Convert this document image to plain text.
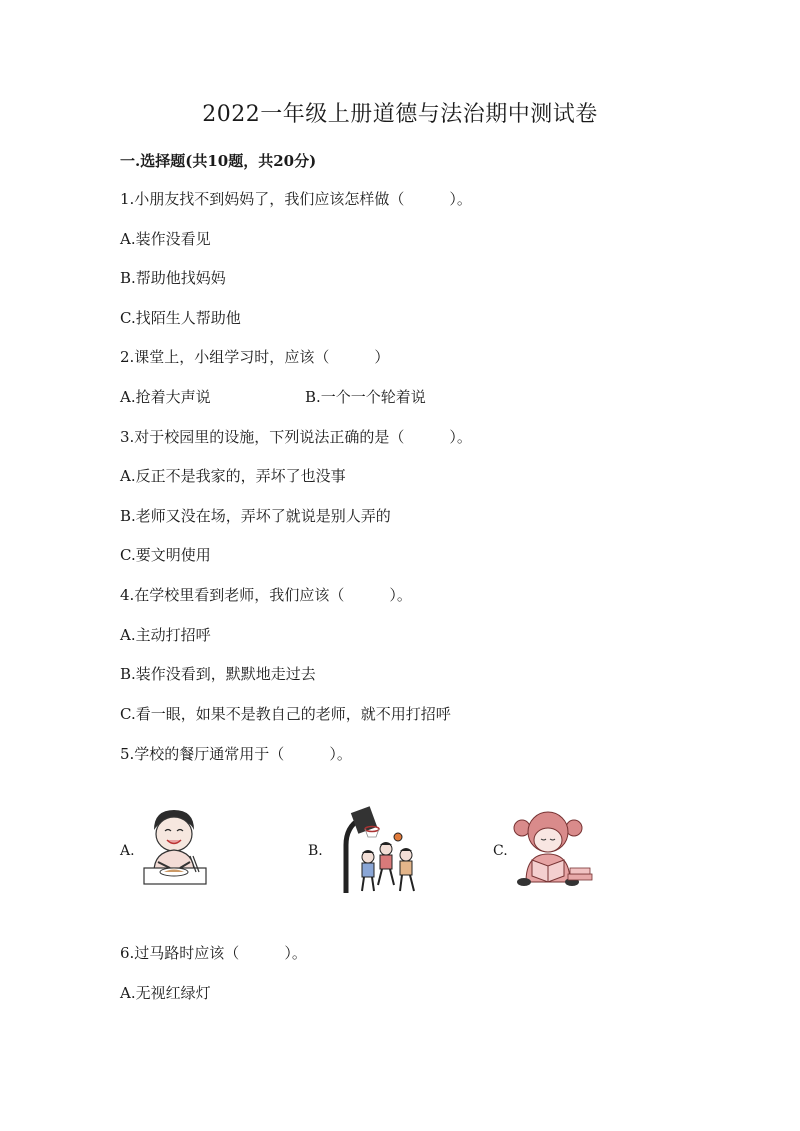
2022一年级上册道德与法治期中测试卷
一.选择题(共10题，共20分)
1.小朋友找不到妈妈了，我们应该怎样做（　　　）。
A.装作没看见
B.帮助他找妈妈
C.找陌生人帮助他
2.课堂上，小组学习时，应该（　　　）
A.抢着大声说	B.一个一个轮着说
3.对于校园里的设施，下列说法正确的是（　　　）。
A.反正不是我家的，弄坏了也没事
B.老师又没在场，弄坏了就说是别人弄的
C.要文明使用
4.在学校里看到老师，我们应该（　　　）。
A.主动打招呼
B.装作没看到，默默地走过去
C.看一眼，如果不是教自己的老师，就不用打招呼
5.学校的餐厅通常用于（　　　）。
A.	B.	C.
6.过马路时应该（　　　）。
A.无视红绿灯
